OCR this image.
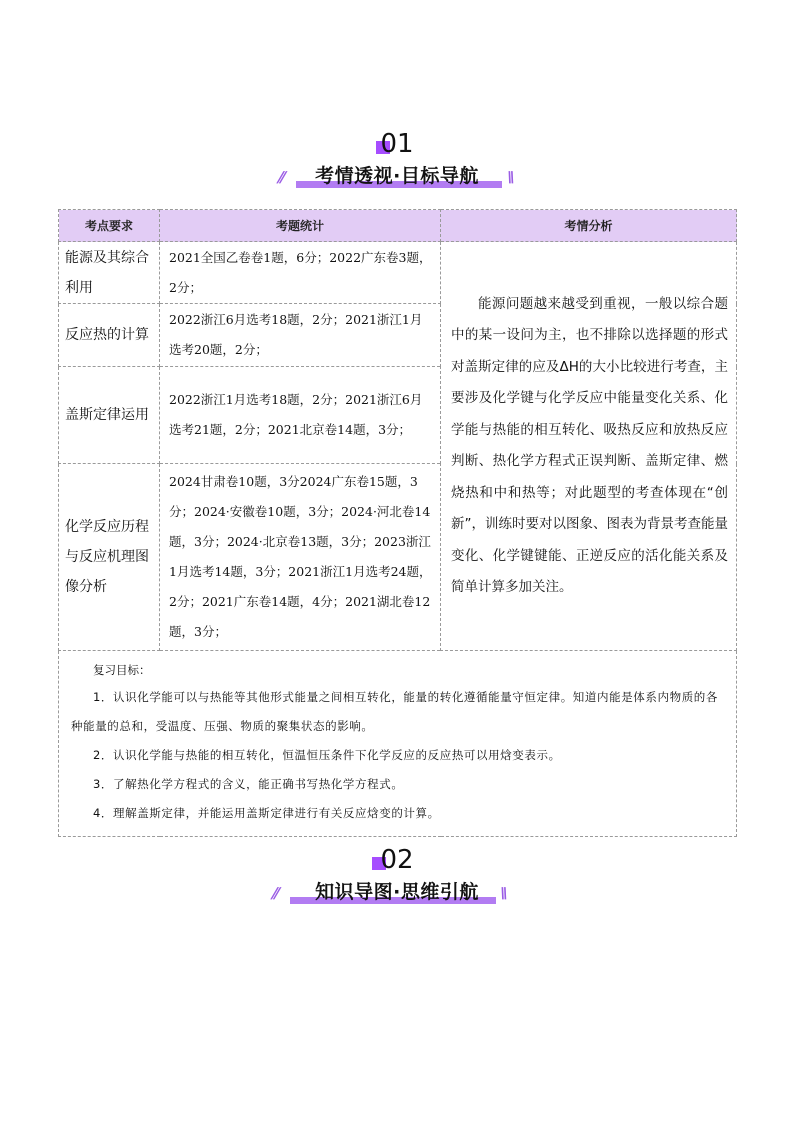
01
//	考情透视·目标导航	\\
考点要求	考题统计	考情分析
能源及其综合利用	2021全国乙卷卷1题，6分；2022广东卷3题，2分；	能源问题越来越受到重视，一般以综合题中的某一设问为主，也不排除以选择题的形式对盖斯定律的应及ΔH的大小比较进行考查，主要涉及化学键与化学反应中能量变化关系、化学能与热能的相互转化、吸热反应和放热反应判断、热化学方程式正误判断、盖斯定律、燃烧热和中和热等；对此题型的考查体现在“创新”，训练时要对以图象、图表为背景考查能量变化、化学键键能、正逆反应的活化能关系及简单计算多加关注。
反应热的计算	2022浙江6月选考18题，2分；2021浙江1月选考20题，2分；	
盖斯定律运用	2022浙江1月选考18题，2分；2021浙江6月选考21题，2分；2021北京卷14题，3分；	
化学反应历程与反应机理图像分析	2024甘肃卷10题，3分2024广东卷15题，3分；2024·安徽卷10题，3分；2024·河北卷14题，3分；2024·北京卷13题，3分；2023浙江1月选考14题，3分；2021浙江1月选考24题，2分；2021广东卷14题，4分；2021湖北卷12题，3分；	

复习目标：
1．认识化学能可以与热能等其他形式能量之间相互转化，能量的转化遵循能量守恒定律。知道内能是体系内物质的各种能量的总和，受温度、压强、物质的聚集状态的影响。
2．认识化学能与热能的相互转化，恒温恒压条件下化学反应的反应热可以用焓变表示。
3．了解热化学方程式的含义，能正确书写热化学方程式。
4．理解盖斯定律，并能运用盖斯定律进行有关反应焓变的计算。		
02
//	知识导图·思维引航	\\
